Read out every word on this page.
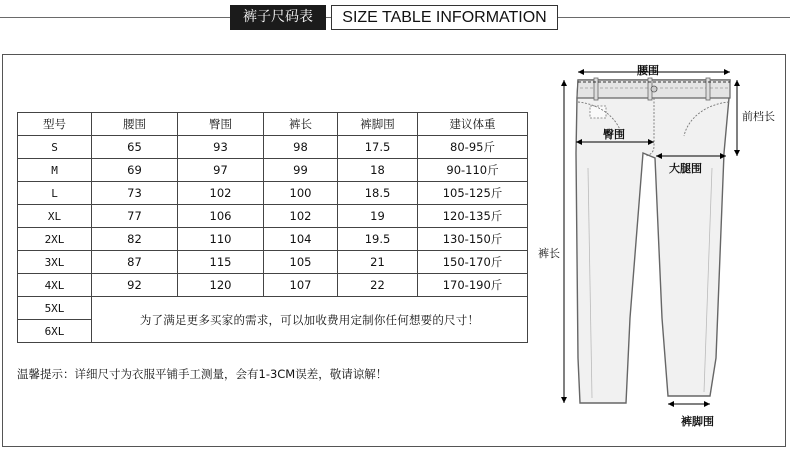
裤子尺码表	SIZE TABLE INFORMATION
型号	腰围	臀围	裤长	裤脚围	建议体重
S	65	93	98	17.5	80-95斤
M	69	97	99	18	90-110斤
L	73	102	100	18.5	105-125斤
XL	77	106	102	19	120-135斤
2XL	82	110	104	19.5	130-150斤
3XL	87	115	105	21	150-170斤
4XL	92	120	107	22	170-190斤
5XL	为了满足更多买家的需求，可以加收费用定制你任何想要的尺寸！				
6XL					
温馨提示：详细尺寸为衣服平铺手工测量，会有1-3CM误差，敬请谅解！
腰围
前档长
臀围
大腿围
裤长
裤脚围
